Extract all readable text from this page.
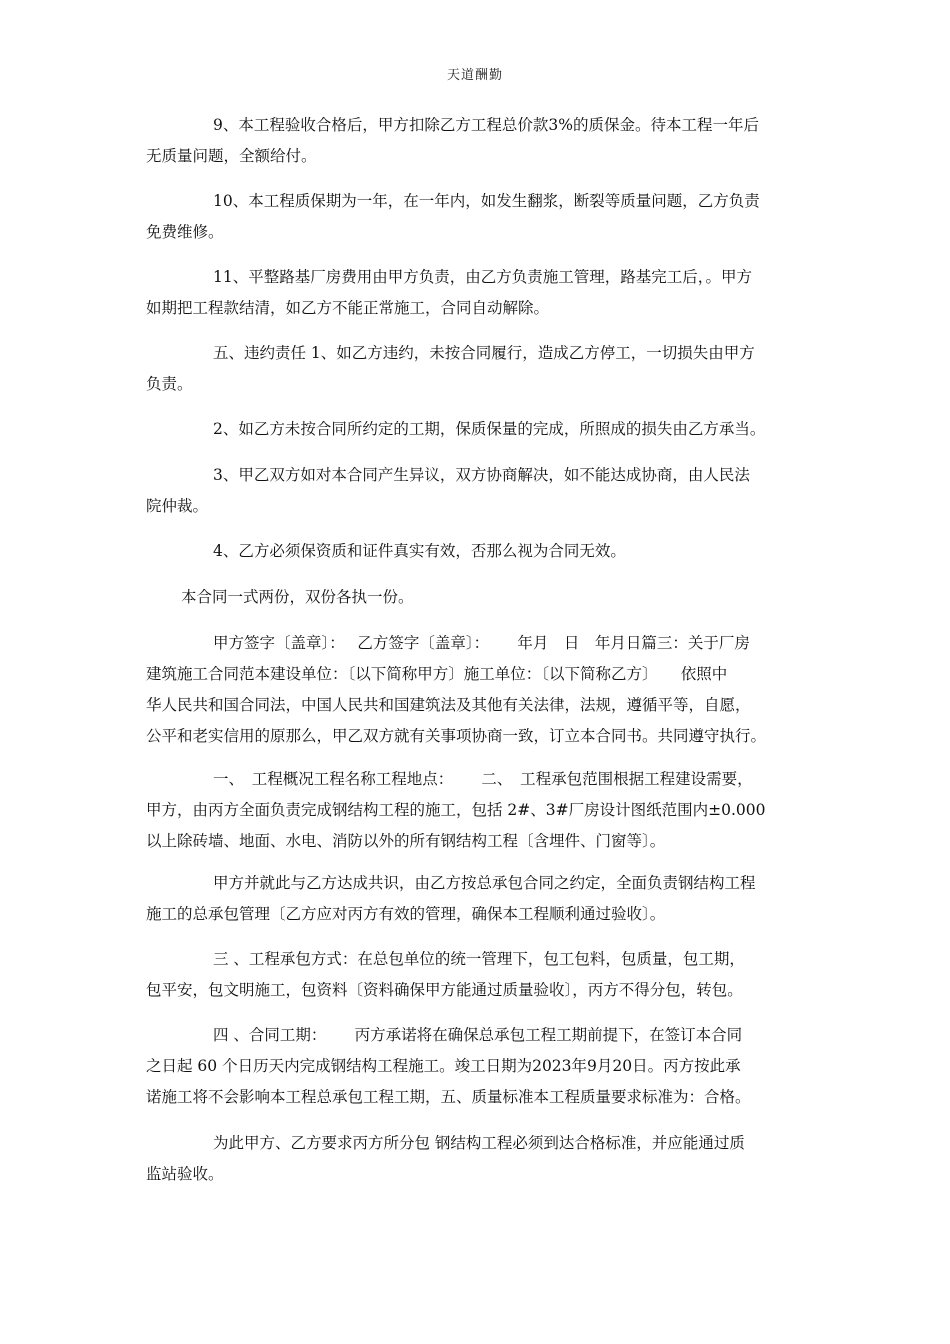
天道酬勤
9、本工程验收合格后，甲方扣除乙方工程总价款3%的质保金。待本工程一年后
无质量问题，全额给付。
10、本工程质保期为一年，在一年内，如发生翻浆，断裂等质量问题，乙方负责
免费维修。
11、平整路基厂房费用由甲方负责，由乙方负责施工管理，路基完工后，。甲方
如期把工程款结清，如乙方不能正常施工，合同自动解除。
五、违约责任 1、如乙方违约，未按合同履行，造成乙方停工，一切损失由甲方
负责。
2、如乙方未按合同所约定的工期，保质保量的完成，所照成的损失由乙方承当。
3、甲乙双方如对本合同产生异议，双方协商解决，如不能达成协商，由人民法
院仲裁。
4、乙方必须保资质和证件真实有效，否那么视为合同无效。
本合同一式两份，双份各执一份。
甲方签字〔盖章〕：　 乙方签字〔盖章〕：　　 年月　日　年月日篇三：关于厂房
建筑施工合同范本建设单位：〔以下简称甲方〕施工单位：〔以下简称乙方〕　　依照中
华人民共和国合同法，中国人民共和国建筑法及其他有关法律，法规，遵循平等，自愿，
公平和老实信用的原那么，甲乙双方就有关事项协商一致，订立本合同书。共同遵守执行。
一、　工程概况工程名称工程地点：　　 二、　工程承包范围根据工程建设需要，
甲方，由丙方全面负责完成钢结构工程的施工，包括 2#、3#厂房设计图纸范围内±0.000
以上除砖墙、地面、水电、消防以外的所有钢结构工程〔含埋件、门窗等〕。
甲方并就此与乙方达成共识，由乙方按总承包合同之约定，全面负责钢结构工程
施工的总承包管理〔乙方应对丙方有效的管理，确保本工程顺利通过验收〕。
三 、工程承包方式：在总包单位的统一管理下，包工包料，包质量，包工期，
包平安，包文明施工，包资料〔资料确保甲方能通过质量验收〕，丙方不得分包，转包。
四 、合同工期：　　 丙方承诺将在确保总承包工程工期前提下，在签订本合同
之日起 60 个日历天内完成钢结构工程施工。竣工日期为2023年9月20日。丙方按此承
诺施工将不会影响本工程总承包工程工期，五、质量标准本工程质量要求标准为：合格。
为此甲方、乙方要求丙方所分包 钢结构工程必须到达合格标准，并应能通过质
监站验收。
